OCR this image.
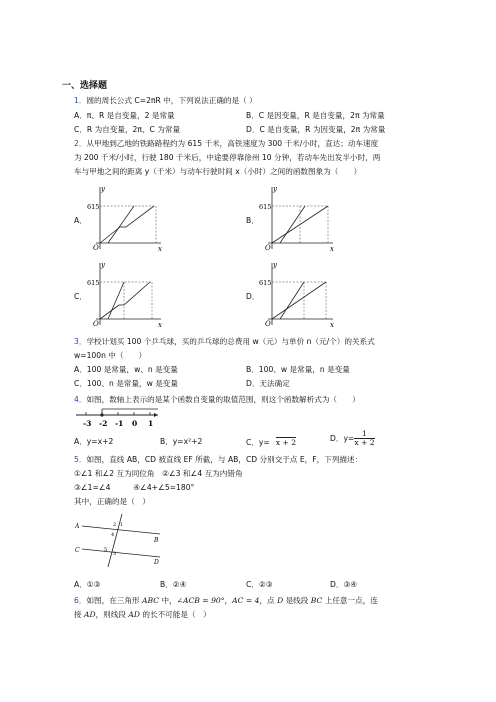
一、选择题
1．圆的周长公式 C=2πR 中，下列说法正确的是（ ）
A．π、R 是自变量，2 是常量	B．C 是因变量，R 是自变量，2π 为常量
C．R 为自变量，2π、C 为常量	D．C 是自变量，R 为因变量，2π 为常量
2．从甲地到乙地的铁路路程约为 615 千米，高铁速度为 300 千米/小时，直达；动车速度
为 200 千米/小时，行驶 180 千米后，中途要停靠徐州 10 分钟，若动车先出发半小时，两
车与甲地之间的距离 y（千米）与动车行驶时间 x（小时）之间的函数图象为（　　）
A．	B．
C．	D．
y
x
O
615
y
x
O
615
y
x
O
615
y
x
O
615
3．学校计划买 100 个乒乓球，买的乒乓球的总费用 w（元）与单价 n（元/个）的关系式
w=100n 中（　　）
A．100 是常量，w、n 是变量	B．100、w 是常量，n 是变量
C．100、n 是常量，w 是变量	D．无法确定
4．如图，数轴上表示的是某个函数自变量的取值范围，则这个函数解析式为（　　）
-3 -2 -1 0 1
A．y=x+2	B．y=x²+2	C．y= x + 2	D．$y= \frac{1}{x + 2}$
5．如图，直线 AB，CD 被直线 EF 所截，与 AB，CD 分别交于点 E，F，下列描述：
①∠1 和∠2 互为同位角　②∠3 和∠4 互为内错角
③∠1=∠4　　　④∠4+∠5=180°
其中，正确的是（　）
A
B
C
D
2 1
4
5
3
A．①③	B．②④	C．②③	D．③④
6．如图，在三角形 ABC 中，∠ACB = 90°，AC = 4，点 D 是线段 BC 上任意一点，连
接 AD，则线段 AD 的长不可能是（　）
